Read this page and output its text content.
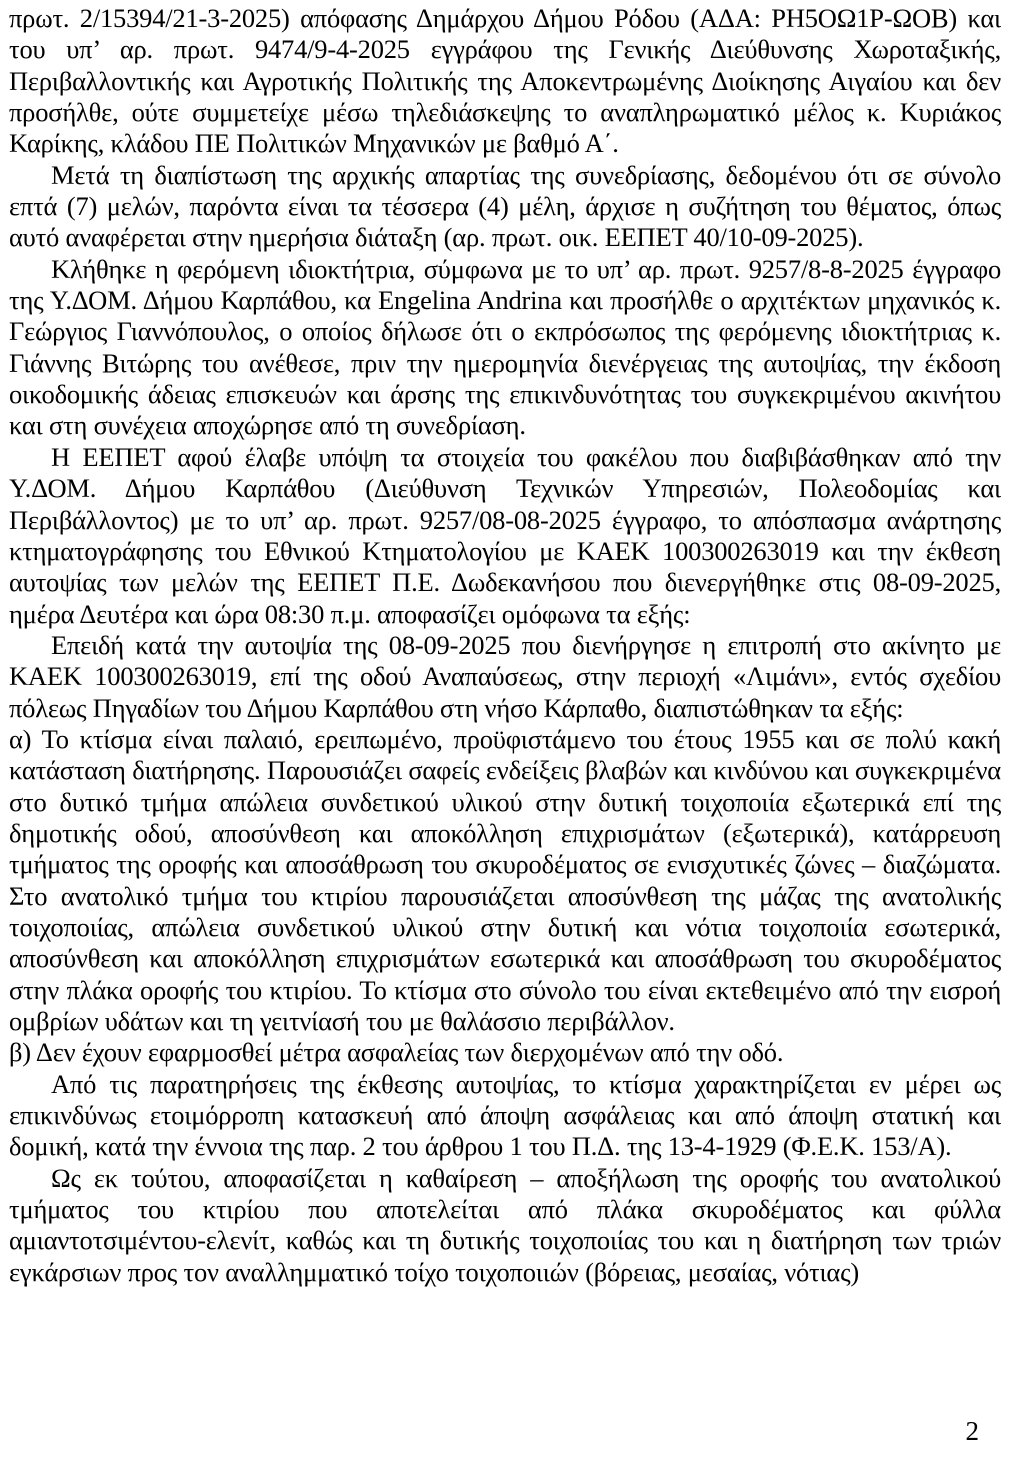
πρωτ. 2/15394/21-3-2025) απόφασης Δημάρχου Δήμου Ρόδου (ΑΔΑ: ΡΗ5ΟΩ1Ρ-ΩΟΒ) και του υπ’ αρ. πρωτ. 9474/9-4-2025 εγγράφου της Γενικής Διεύθυνσης Χωροταξικής, Περιβαλλοντικής και Αγροτικής Πολιτικής της Αποκεντρωμένης Διοίκησης Αιγαίου και δεν προσήλθε, ούτε συμμετείχε μέσω τηλεδιάσκεψης το αναπληρωματικό μέλος κ. Κυριάκος Καρίκης, κλάδου ΠΕ Πολιτικών Μηχανικών με βαθμό Α΄.

Μετά τη διαπίστωση της αρχικής απαρτίας της συνεδρίασης, δεδομένου ότι σε σύνολο επτά (7) μελών, παρόντα είναι τα τέσσερα (4) μέλη, άρχισε η συζήτηση του θέματος, όπως αυτό αναφέρεται στην ημερήσια διάταξη (αρ. πρωτ. οικ. ΕΕΠΕΤ 40/10-09-2025).

Κλήθηκε η φερόμενη ιδιοκτήτρια, σύμφωνα με το υπ’ αρ. πρωτ. 9257/8-8-2025 έγγραφο της Υ.ΔΟΜ. Δήμου Καρπάθου, κα Engelina Andrina και προσήλθε ο αρχιτέκτων μηχανικός κ. Γεώργιος Γιαννόπουλος, ο οποίος δήλωσε ότι ο εκπρόσωπος της φερόμενης ιδιοκτήτριας κ. Γιάννης Βιτώρης του ανέθεσε, πριν την ημερομηνία διενέργειας της αυτοψίας, την έκδοση οικοδομικής άδειας επισκευών και άρσης της επικινδυνότητας του συγκεκριμένου ακινήτου και στη συνέχεια αποχώρησε από τη συνεδρίαση.

Η ΕΕΠΕΤ αφού έλαβε υπόψη τα στοιχεία του φακέλου που διαβιβάσθηκαν από την Υ.ΔΟΜ. Δήμου Καρπάθου (Διεύθυνση Τεχνικών Υπηρεσιών, Πολεοδομίας και Περιβάλλοντος) με το υπ’ αρ. πρωτ. 9257/08-08-2025 έγγραφο, το απόσπασμα ανάρτησης κτηματογράφησης του Εθνικού Κτηματολογίου με ΚΑΕΚ 100300263019 και την έκθεση αυτοψίας των μελών της ΕΕΠΕΤ Π.Ε. Δωδεκανήσου που διενεργήθηκε στις 08-09-2025, ημέρα Δευτέρα και ώρα 08:30 π.μ. αποφασίζει ομόφωνα τα εξής:

Επειδή κατά την αυτοψία της 08-09-2025 που διενήργησε η επιτροπή στο ακίνητο με ΚΑΕΚ 100300263019, επί της οδού Αναπαύσεως, στην περιοχή «Λιμάνι», εντός σχεδίου πόλεως Πηγαδίων του Δήμου Καρπάθου στη νήσο Κάρπαθο, διαπιστώθηκαν τα εξής:

α) Το κτίσμα είναι παλαιό, ερειπωμένο, προϋφιστάμενο του έτους 1955 και σε πολύ κακή κατάσταση διατήρησης. Παρουσιάζει σαφείς ενδείξεις βλαβών και κινδύνου και συγκεκριμένα στο δυτικό τμήμα απώλεια συνδετικού υλικού στην δυτική τοιχοποιία εξωτερικά επί της δημοτικής οδού, αποσύνθεση και αποκόλληση επιχρισμάτων (εξωτερικά), κατάρρευση τμήματος της οροφής και αποσάθρωση του σκυροδέματος σε ενισχυτικές ζώνες – διαζώματα. Στο ανατολικό τμήμα του κτιρίου παρουσιάζεται αποσύνθεση της μάζας της ανατολικής τοιχοποιίας, απώλεια συνδετικού υλικού στην δυτική και νότια τοιχοποιία εσωτερικά, αποσύνθεση και αποκόλληση επιχρισμάτων εσωτερικά και αποσάθρωση του σκυροδέματος στην πλάκα οροφής του κτιρίου. Το κτίσμα στο σύνολο του είναι εκτεθειμένο από την εισροή ομβρίων υδάτων και τη γειτνίασή του με θαλάσσιο περιβάλλον.

β) Δεν έχουν εφαρμοσθεί μέτρα ασφαλείας των διερχομένων από την οδό.

Από τις παρατηρήσεις της έκθεσης αυτοψίας, το κτίσμα χαρακτηρίζεται εν μέρει ως επικινδύνως ετοιμόρροπη κατασκευή από άποψη ασφάλειας και από άποψη στατική και δομική, κατά την έννοια της παρ. 2 του άρθρου 1 του Π.Δ. της 13-4-1929 (Φ.Ε.Κ. 153/Α).

Ως εκ τούτου, αποφασίζεται η καθαίρεση – αποξήλωση της οροφής του ανατολικού τμήματος του κτιρίου που αποτελείται από πλάκα σκυροδέματος και φύλλα αμιαντοτσιμέντου-ελενίτ, καθώς και τη δυτικής τοιχοποιίας του και η διατήρηση των τριών εγκάρσιων προς τον αναλλημματικό τοίχο τοιχοποιιών (βόρειας, μεσαίας, νότιας)

2
